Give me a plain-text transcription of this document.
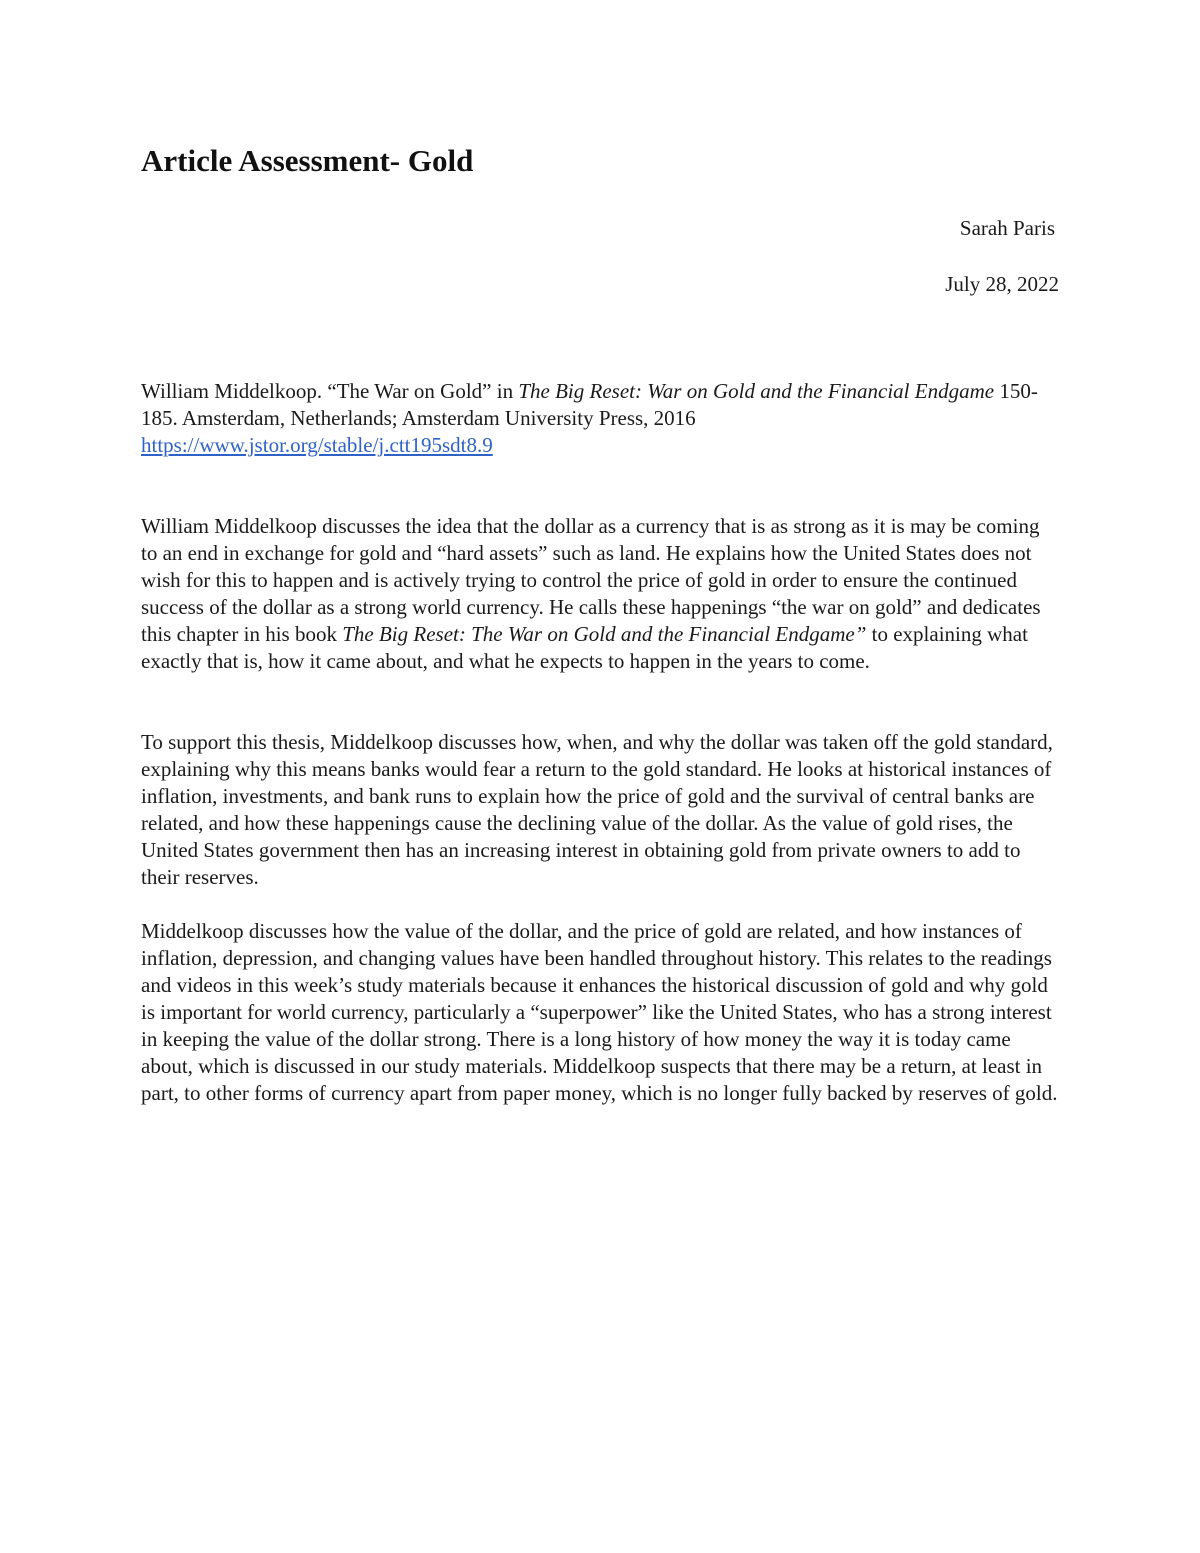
Article Assessment- Gold
Sarah Paris
July 28, 2022

William Middelkoop. “The War on Gold” in The Big Reset: War on Gold and the Financial Endgame 150-185. Amsterdam, Netherlands; Amsterdam University Press, 2016
https://www.jstor.org/stable/j.ctt195sdt8.9

William Middelkoop discusses the idea that the dollar as a currency that is as strong as it is may be coming to an end in exchange for gold and “hard assets” such as land. He explains how the United States does not wish for this to happen and is actively trying to control the price of gold in order to ensure the continued success of the dollar as a strong world currency. He calls these happenings “the war on gold” and dedicates this chapter in his book The Big Reset: The War on Gold and the Financial Endgame” to explaining what exactly that is, how it came about, and what he expects to happen in the years to come.

To support this thesis, Middelkoop discusses how, when, and why the dollar was taken off the gold standard, explaining why this means banks would fear a return to the gold standard. He looks at historical instances of inflation, investments, and bank runs to explain how the price of gold and the survival of central banks are related, and how these happenings cause the declining value of the dollar. As the value of gold rises, the United States government then has an increasing interest in obtaining gold from private owners to add to their reserves.

Middelkoop discusses how the value of the dollar, and the price of gold are related, and how instances of inflation, depression, and changing values have been handled throughout history. This relates to the readings and videos in this week’s study materials because it enhances the historical discussion of gold and why gold is important for world currency, particularly a “superpower” like the United States, who has a strong interest in keeping the value of the dollar strong. There is a long history of how money the way it is today came about, which is discussed in our study materials. Middelkoop suspects that there may be a return, at least in part, to other forms of currency apart from paper money, which is no longer fully backed by reserves of gold.
